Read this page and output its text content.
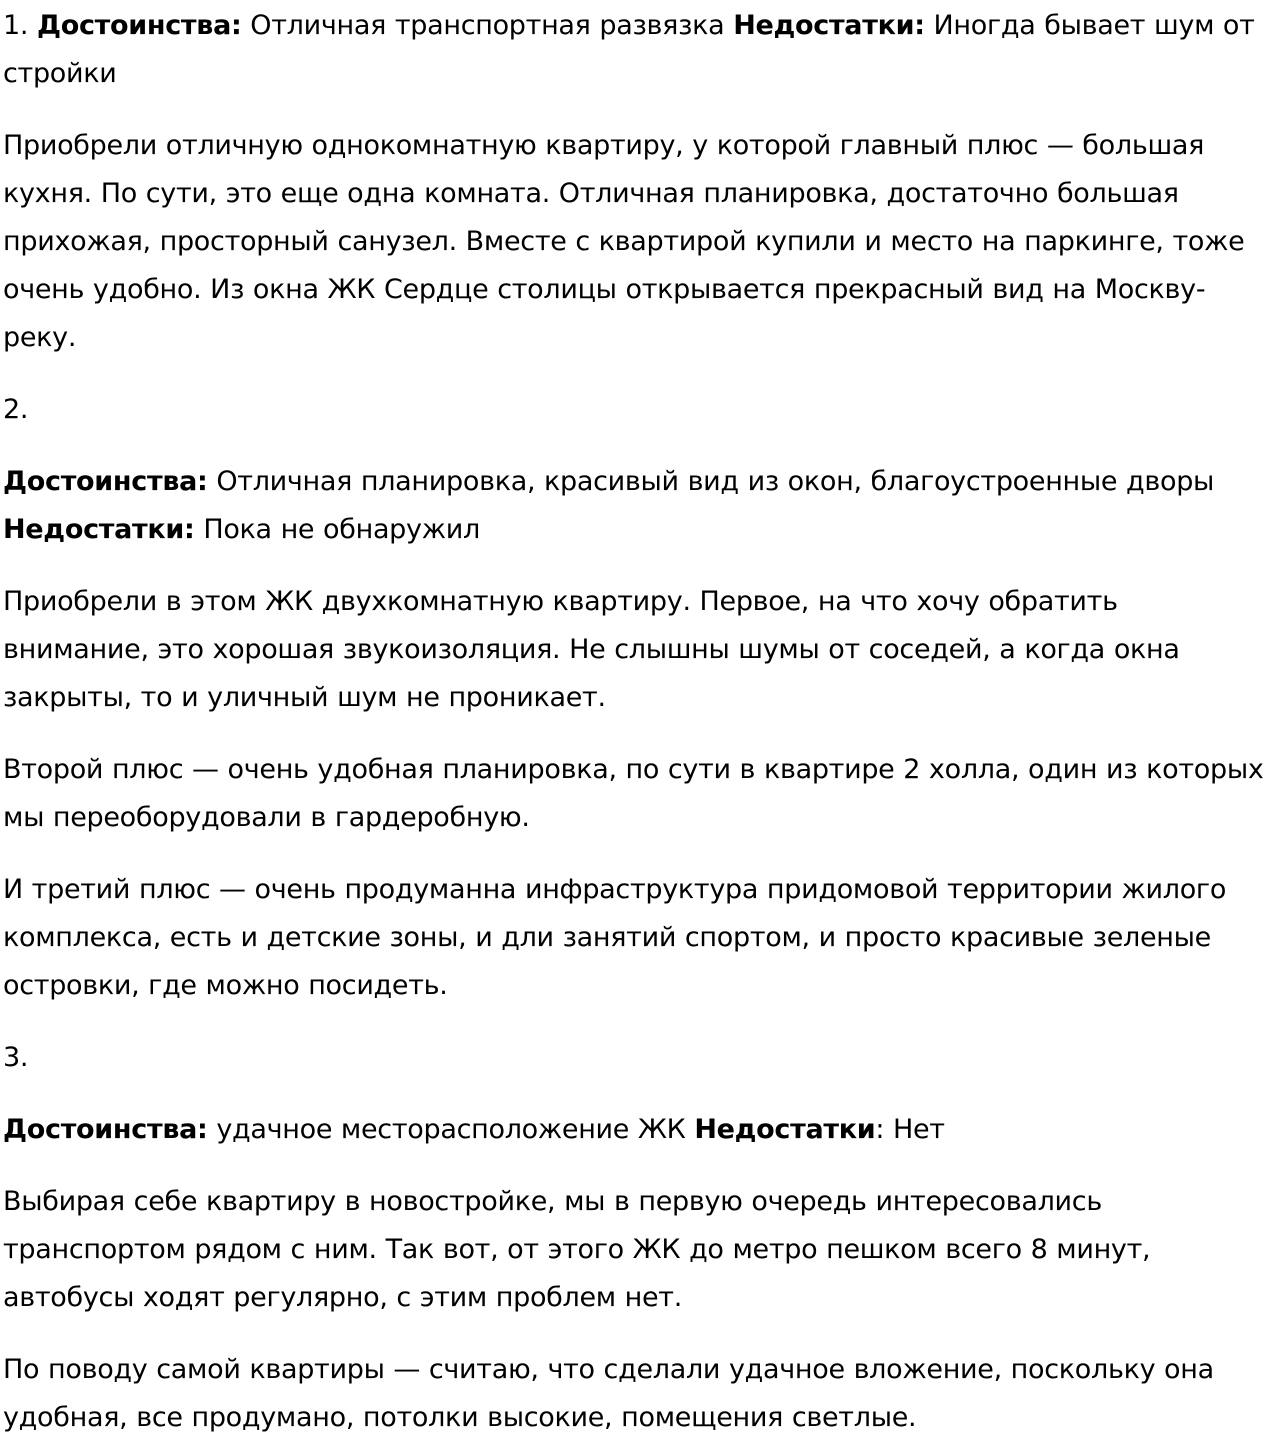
1. Достоинства: Отличная транспортная развязка Недостатки: Иногда бывает шум от стройки

Приобрели отличную однокомнатную квартиру, у которой главный плюс — большая кухня. По сути, это еще одна комната. Отличная планировка, достаточно большая прихожая, просторный санузел. Вместе с квартирой купили и место на паркинге, тоже очень удобно. Из окна ЖК Сердце столицы открывается прекрасный вид на Москву-реку.

2.

Достоинства: Отличная планировка, красивый вид из окон, благоустроенные дворы Недостатки: Пока не обнаружил

Приобрели в этом ЖК двухкомнатную квартиру. Первое, на что хочу обратить внимание, это хорошая звукоизоляция. Не слышны шумы от соседей, а когда окна закрыты, то и уличный шум не проникает.

Второй плюс — очень удобная планировка, по сути в квартире 2 холла, один из которых мы переоборудовали в гардеробную.

И третий плюс — очень продуманна инфраструктура придомовой территории жилого комплекса, есть и детские зоны, и дли занятий спортом, и просто красивые зеленые островки, где можно посидеть.

3.

Достоинства: удачное месторасположение ЖК Недостатки: Нет

Выбирая себе квартиру в новостройке, мы в первую очередь интересовались транспортом рядом с ним. Так вот, от этого ЖК до метро пешком всего 8 минут, автобусы ходят регулярно, с этим проблем нет.

По поводу самой квартиры — считаю, что сделали удачное вложение, поскольку она удобная, все продумано, потолки высокие, помещения светлые.
